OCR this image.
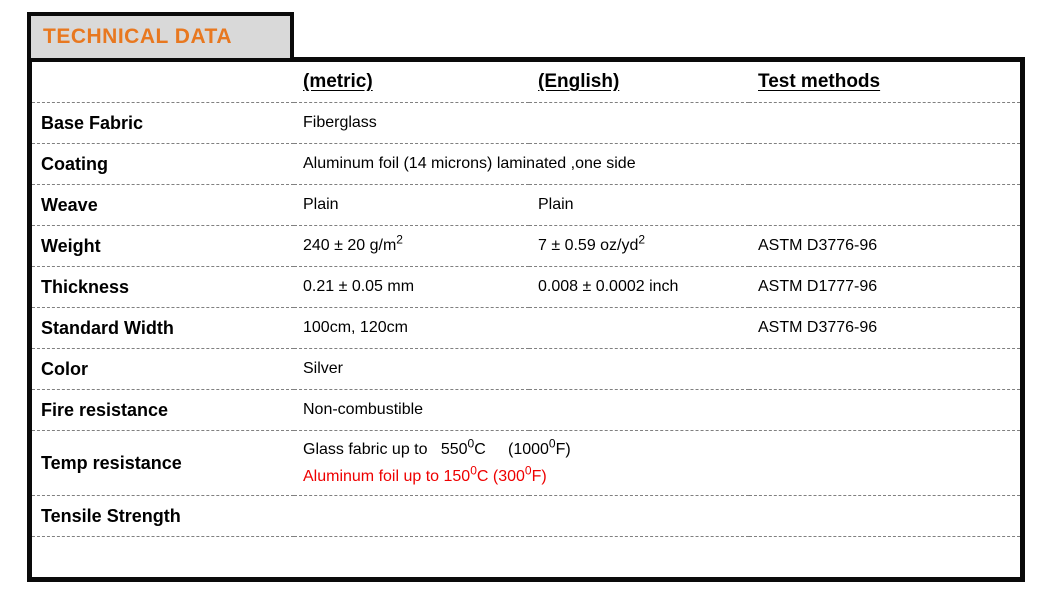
TECHNICAL DATA
	(metric)	(English)	Test methods
Base Fabric	Fiberglass		
Coating	Aluminum foil (14 microns) laminated ,one side		
Weave	Plain	Plain	
Weight	240 ± 20 $g/m^2$	7 ± 0.59 $oz/yd^2$	ASTM D3776-96
Thickness	0.21 ± 0.05 mm	0.008 ± 0.0002 inch	ASTM D1777-96
Standard Width	100cm, 120cm		ASTM D3776-96
Color	Silver		
Fire resistance	Non-combustible		
Temp resistance	Glass fabric up to   $550^0C$     (1000$^0$F)
Aluminum foil up to $150^0C$ $(300^0F)$		

Tensile Strength			
